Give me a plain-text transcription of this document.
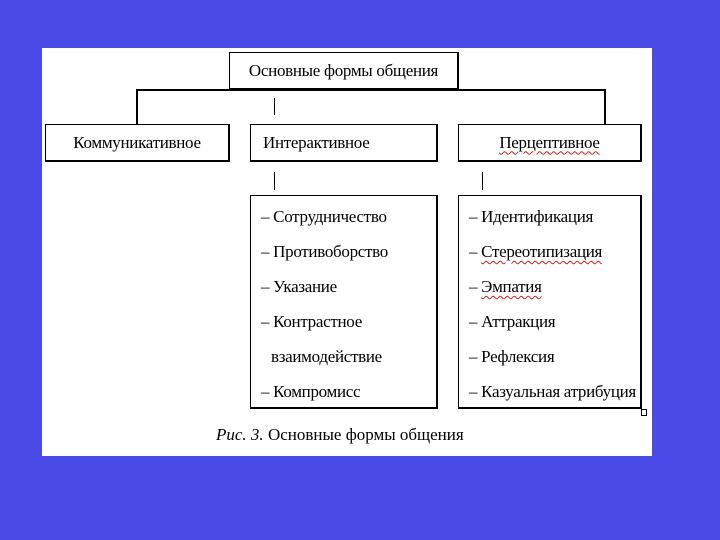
Основные формы общения
Коммуникативное	Интерактивное	Перцептивное
– Сотрудничество
– Противоборство
– Указание
– Контрастное
взаимодействие
– Компромисс
– Идентификация
– Стереотипизация
– Эмпатия
– Аттракция
– Рефлексия
– Казуальная атрибуция
Рис. 3. Основные формы общения
